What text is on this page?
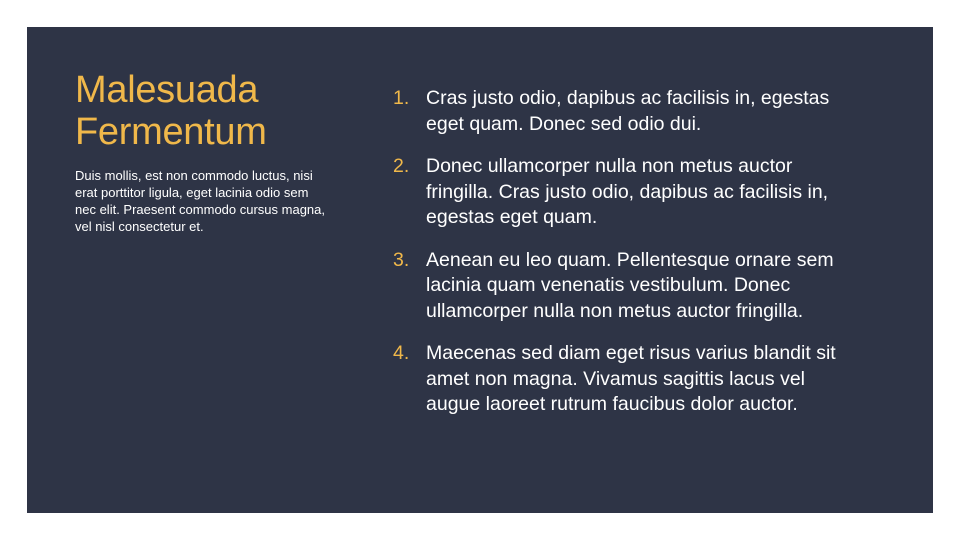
Malesuada Fermentum

Duis mollis, est non commodo luctus, nisi erat porttitor ligula, eget lacinia odio sem nec elit. Praesent commodo cursus magna, vel nisl consectetur et.

1. Cras justo odio, dapibus ac facilisis in, egestas eget quam. Donec sed odio dui.
2. Donec ullamcorper nulla non metus auctor fringilla. Cras justo odio, dapibus ac facilisis in, egestas eget quam.
3. Aenean eu leo quam. Pellentesque ornare sem lacinia quam venenatis vestibulum. Donec ullamcorper nulla non metus auctor fringilla.
4. Maecenas sed diam eget risus varius blandit sit amet non magna. Vivamus sagittis lacus vel augue laoreet rutrum faucibus dolor auctor.
